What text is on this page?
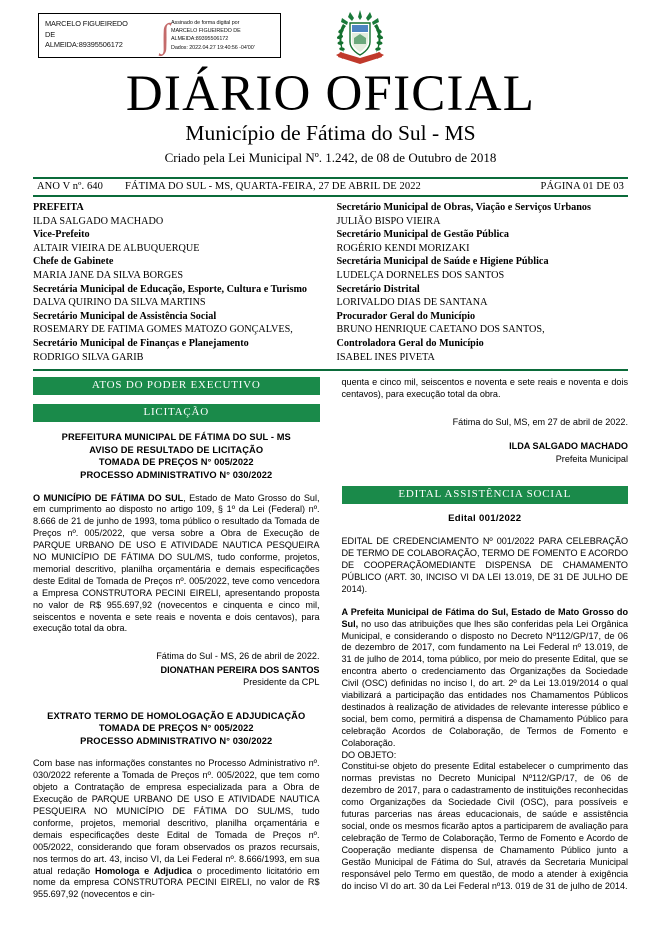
MARCELO FIGUEIREDO
DE
ALMEIDA:89395506172	∫ Assinado de forma digital por
MARCELO FIGUEIREDO DE
ALMEIDA:89395506172
Dados: 2022.04.27 19:40:56 -04'00'
DIÁRIO OFICIAL
Município de Fátima do Sul - MS
Criado pela Lei Municipal Nº. 1.242, de 08 de Outubro de 2018
ANO V nº. 640	FÁTIMA DO SUL - MS, QUARTA-FEIRA, 27 DE ABRIL DE 2022	PÁGINA 01 DE 03

PREFEITA

ILDA SALGADO MACHADO

Vice-Prefeito

ALTAIR VIEIRA DE ALBUQUERQUE

Chefe de Gabinete

MARIA JANE DA SILVA BORGES

Secretária Municipal de Educação, Esporte, Cultura e Turismo

DALVA QUIRINO DA SILVA MARTINS

Secretário Municipal de Assistência Social

ROSEMARY DE FATIMA GOMES MATOZO GONÇALVES,

Secretário Municipal de Finanças e Planejamento

RODRIGO SILVA GARIB

Secretário Municipal de Obras, Viação e Serviços Urbanos

JULIÃO BISPO VIEIRA

Secretário Municipal de Gestão Pública

ROGÉRIO KENDI MORIZAKI

Secretária Municipal de Saúde e Higiene Pública

LUDELÇA DORNELES DOS SANTOS

Secretário Distrital

LORIVALDO DIAS DE SANTANA

Procurador Geral do Município

BRUNO HENRIQUE CAETANO DOS SANTOS,

Controladora Geral do Município

ISABEL INES PIVETA

ATOS DO PODER EXECUTIVO
LICITAÇÃO

PREFEITURA MUNICIPAL DE FÁTIMA DO SUL - MS
AVISO DE RESULTADO DE LICITAÇÃO
TOMADA DE PREÇOS N° 005/2022
PROCESSO ADMINISTRATIVO N° 030/2022

O MUNICÍPIO DE FÁTIMA DO SUL, Estado de Mato Grosso do Sul, em cumprimento ao disposto no artigo 109, § 1º da Lei (Federal) nº. 8.666 de 21 de junho de 1993, toma público o resultado da Tomada de Preços nº. 005/2022, que versa sobre a Obra de Execução de PARQUE URBANO DE USO E ATIVIDADE NAUTICA PESQUEIRA NO MUNICÍPIO DE FÁTIMA DO SUL/MS, tudo conforme, projetos, memorial descritivo, planilha orçamentária e demais especificações deste Edital de Tomada de Preços nº. 005/2022, teve como vencedora a Empresa CONSTRUTORA PECINI EIRELI, apresentando proposta no valor de R$ 955.697,92 (novecentos e cinquenta e cinco mil, seiscentos e noventa e sete reais e noventa e dois centavos), para execução total da obra.

Fátima do Sul - MS, 26 de abril de 2022.

DIONATHAN PEREIRA DOS SANTOS

Presidente da CPL

EXTRATO TERMO DE HOMOLOGAÇÃO E ADJUDICAÇÃO
TOMADA DE PREÇOS N° 005/2022
PROCESSO ADMINISTRATIVO N° 030/2022

Com base nas informações constantes no Processo Administrativo nº. 030/2022 referente a Tomada de Preços nº. 005/2022, que tem como objeto a Contratação de empresa especializada para a Obra de Execução de PARQUE URBANO DE USO E ATIVIDADE NAUTICA PESQUEIRA NO MUNICÍPIO DE FÁTIMA DO SUL/MS, tudo conforme, projetos, memorial descritivo, planilha orçamentária e demais especificações deste Edital de Tomada de Preços nº. 005/2022, considerando que foram observados os prazos recursais, nos termos do art. 43, inciso VI, da Lei Federal nº. 8.666/1993, em sua atual redação Homologa e Adjudica o procedimento licitatório em nome da empresa CONSTRUTORA PECINI EIRELI, no valor de R$ 955.697,92 (novecentos e cin-

quenta e cinco mil, seiscentos e noventa e sete reais e noventa e dois centavos), para execução total da obra.

Fátima do Sul, MS, em 27 de abril de 2022.

ILDA SALGADO MACHADO

Prefeita Municipal

EDITAL ASSISTÊNCIA SOCIAL

Edital 001/2022

EDITAL DE CREDENCIAMENTO Nº 001/2022 PARA CELEBRAÇÃO DE TERMO DE COLABORAÇÃO, TERMO DE FOMENTO E ACORDO DE COOPERAÇÃOMEDIANTE DISPENSA DE CHAMAMENTO PÚBLICO (ART. 30, INCISO VI DA LEI 13.019, DE 31 DE JULHO DE 2014).

A Prefeita Municipal de Fátima do Sul, Estado de Mato Grosso do Sul, no uso das atribuições que lhes são conferidas pela Lei Orgânica Municipal, e considerando o disposto no Decreto Nº112/GP/17, de 06 de dezembro de 2017, com fundamento na Lei Federal nº 13.019, de 31 de julho de 2014, toma público, por meio do presente Edital, que se encontra aberto o credenciamento das Organizações da Sociedade Civil (OSC) definidas no inciso I, do art. 2º da Lei 13.019/2014 o qual viabilizará a participação das entidades nos Chamamentos Públicos destinados à realização de atividades de relevante interesse público e social, bem como, permitirá a dispensa de Chamamento Público para celebração Acordos de Colaboração, de Termos de Fomento e Colaboração.

DO OBJETO:

Constitui-se objeto do presente Edital estabelecer o cumprimento das normas previstas no Decreto Municipal Nº112/GP/17, de 06 de dezembro de 2017, para o cadastramento de instituições reconhecidas como Organizações da Sociedade Civil (OSC), para possíveis e futuras parcerias nas áreas educacionais, de saúde e assistência social, onde os mesmos ficarão aptos a participarem de avaliação para celebração de Termo de Colaboração, Termo de Fomento e Acordo de Cooperação mediante dispensa de Chamamento Público junto a Gestão Municipal de Fátima do Sul, através da Secretaria Municipal responsável pelo Termo em questão, de modo a atender à exigência do inciso VI do art. 30 da Lei Federal nº13. 019 de 31 de julho de 2014.
